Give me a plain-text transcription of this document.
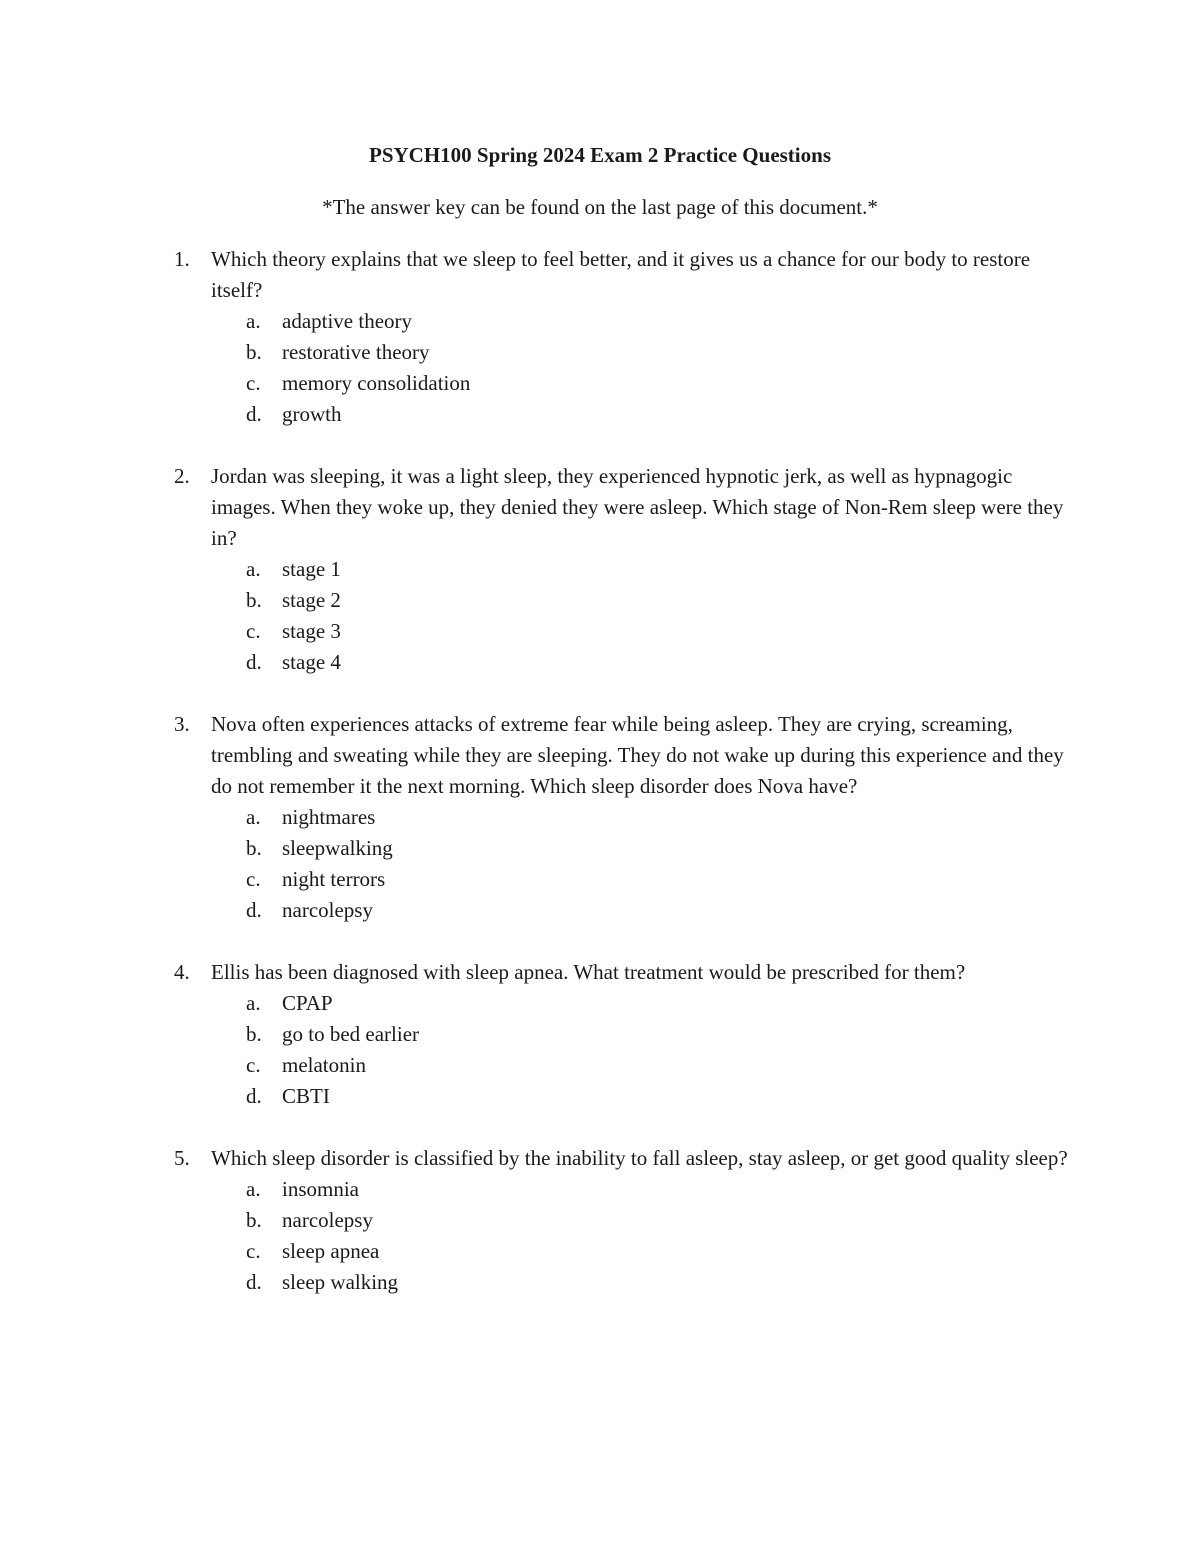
PSYCH100 Spring 2024 Exam 2 Practice Questions
*The answer key can be found on the last page of this document.*
1.	Which theory explains that we sleep to feel better, and it gives us a chance for our body to restore itself?
a. adaptive theory
b. restorative theory
c. memory consolidation
d. growth
2.	Jordan was sleeping, it was a light sleep, they experienced hypnotic jerk, as well as hypnagogic images. When they woke up, they denied they were asleep. Which stage of Non-Rem sleep were they in?
a. stage 1
b. stage 2
c. stage 3
d. stage 4
3.	Nova often experiences attacks of extreme fear while being asleep. They are crying, screaming, trembling and sweating while they are sleeping. They do not wake up during this experience and they do not remember it the next morning. Which sleep disorder does Nova have?
a. nightmares
b. sleepwalking
c. night terrors
d. narcolepsy
4.	Ellis has been diagnosed with sleep apnea. What treatment would be prescribed for them?
a. CPAP
b. go to bed earlier
c. melatonin
d. CBTI
5.	Which sleep disorder is classified by the inability to fall asleep, stay asleep, or get good quality sleep?
a. insomnia
b. narcolepsy
c. sleep apnea
d. sleep walking
